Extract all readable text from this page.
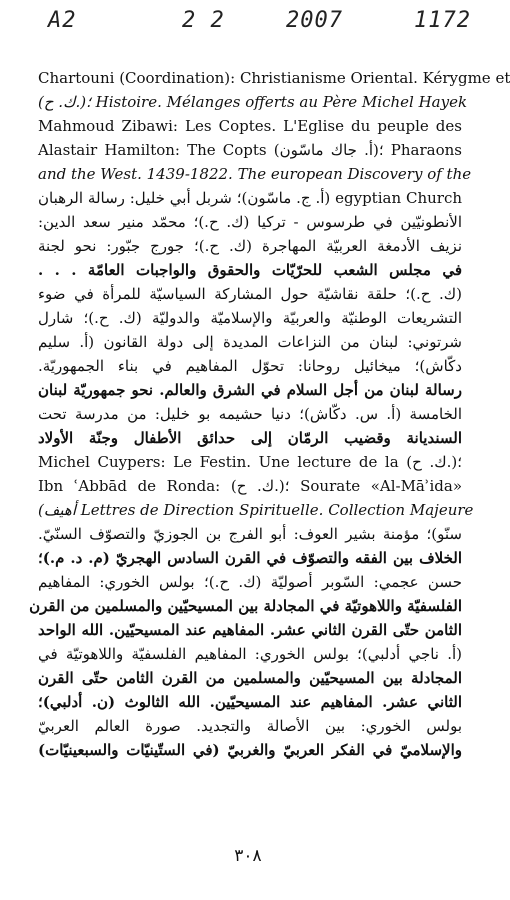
A2	2 2	2007	1172
Chartouni (Coordination): Christianisme Oriental. Kérygme et
(ك. ح.)؛ Histoire. Mélanges offerts au Père Michel Hayek
Mahmoud Zibawi: Les Coptes. L'Eglise du peuple des
Alastair Hamilton: The Copts (أ. جاك ماسّون)؛ Pharaons
and the West. 1439-1822. The european Discovery of the
egyptian Church (أ. ج. ماسّون)؛ شربل أبي خليل: رسالة الرهبان
الأنطونيّين في طرسوس - تركيا (ك. ح.)؛ محمّد منير سعد الدين:
نزيف الأدمغة العربيّة المهاجرة (ك. ح.)؛ جورج جبّور: نحو لجنة
في مجلس الشعب للحرّيّات والحقوق والواجبات العامّة . . .
(ك. ح.)؛ حلقة نقاشيّة حول المشاركة السياسيّة للمرأة في ضوء
التشريعات الوطنيّة والعربيّة والإسلاميّة والدوليّة (ك. ح.)؛ شارل
شرتوني: لبنان من النزاعات المديدة إلى دولة القانون (أ. سليم
دكّاش)؛ ميخائيل روحانا: تحوّل المفاهيم في بناء الجمهوريّة.
رسالة لبنان من أجل السلام في الشرق والعالم. نحو جمهوريّة لبنان
الخامسة (أ. س. دكّاش)؛ دنيا حشيمه بو خليل: من مدرسة تحت
السنديانة وقضيب الرمّان إلى حدائق الأطفال وجنّة الأولاد
Michel Cuypers: Le Festin. Une lecture de la (ك. ح.)؛
Ibn ʿAbbād de Ronda: (ك. ح.)؛ Sourate «Al-Māʾida»
(أهيف Lettres de Direction Spirituelle. Collection Majeure
سنّو)؛ مؤمنة بشير العوف: أبو الفرج بن الجوزيّ والتصوّف السنّيّ.
الخلاف بين الفقه والتصوّف في القرن السادس الهجريّ (م. د. م.)؛
حسن عجمي: السّوبر أصوليّة (ك. ح.)؛ بولس الخوري: المفاهيم
الفلسفيّة واللاهوتيّة في المجادلة بين المسيحيّين والمسلمين من القرن
الثامن حتّى القرن الثاني عشر. المفاهيم عند المسيحيّين. الله الواحد
(أ. ناجي أدلبي)؛ بولس الخوري: المفاهيم الفلسفيّة واللاهوتيّة في
المجادلة بين المسيحيّين والمسلمين من القرن الثامن حتّى القرن
الثاني عشر. المفاهيم عند المسيحيّين. الله الثالوث (ن. أدلبي)؛
بولس الخوري: بين الأصالة والتجديد. صورة العالم العربيّ
والإسلاميّ في الفكر العربيّ والغربيّ (في الستّينيّات والسبعينيّات)
٣٠٨
